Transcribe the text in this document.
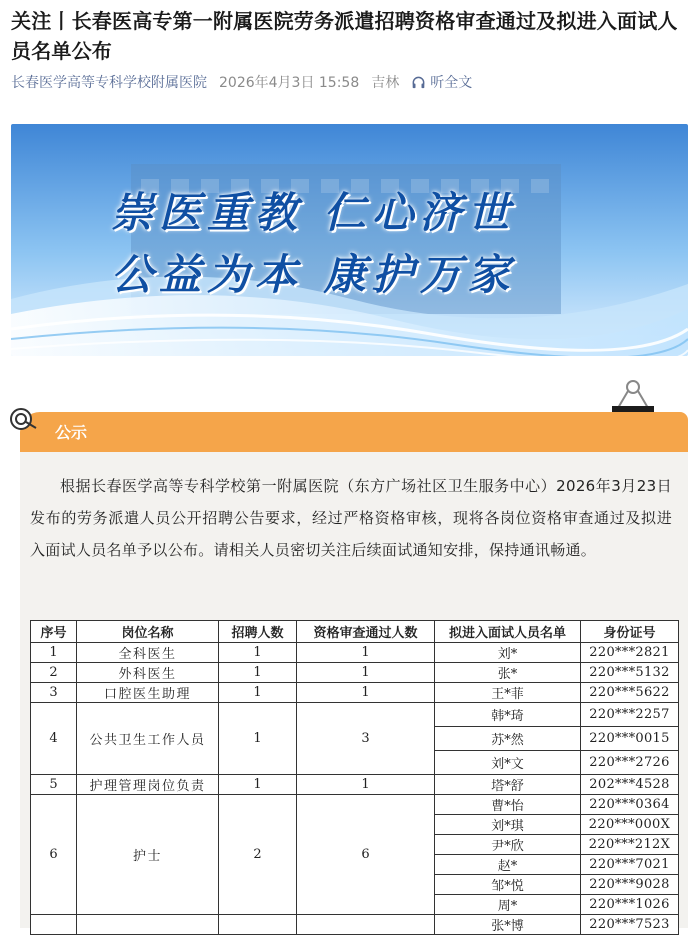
关注丨长春医高专第一附属医院劳务派遣招聘资格审查通过及拟进入面试人员名单公布
长春医学高等专科学校附属医院 2026年4月3日 15:58 吉林 听全文
崇医重教 仁心济世
公益为本 康护万家
公示
根据长春医学高等专科学校第一附属医院（东方广场社区卫生服务中心）2026年3月23日发布的劳务派遣人员公开招聘公告要求，经过严格资格审核，现将各岗位资格审查通过及拟进入面试人员名单予以公布。请相关人员密切关注后续面试通知安排，保持通讯畅通。
序号	岗位名称	招聘人数	资格审查通过人数	拟进入面试人员名单	身份证号
1	全科医生	1	1	刘*	220***2821
2	外科医生	1	1	张*	220***5132
3	口腔医生助理	1	1	王*菲	220***5622
4	公共卫生工作人员	1	3	韩*琦	220***2257
				苏*然	220***0015
				刘*文	220***2726
5	护理管理岗位负责	1	1	塔*舒	202***4528
6	护士	2	6	曹*怡	220***0364
				刘*琪	220***000X
				尹*欣	220***212X
				赵*	220***7021
				邹*悦	220***9028
				周*	220***1026
				张*博	220***7523
